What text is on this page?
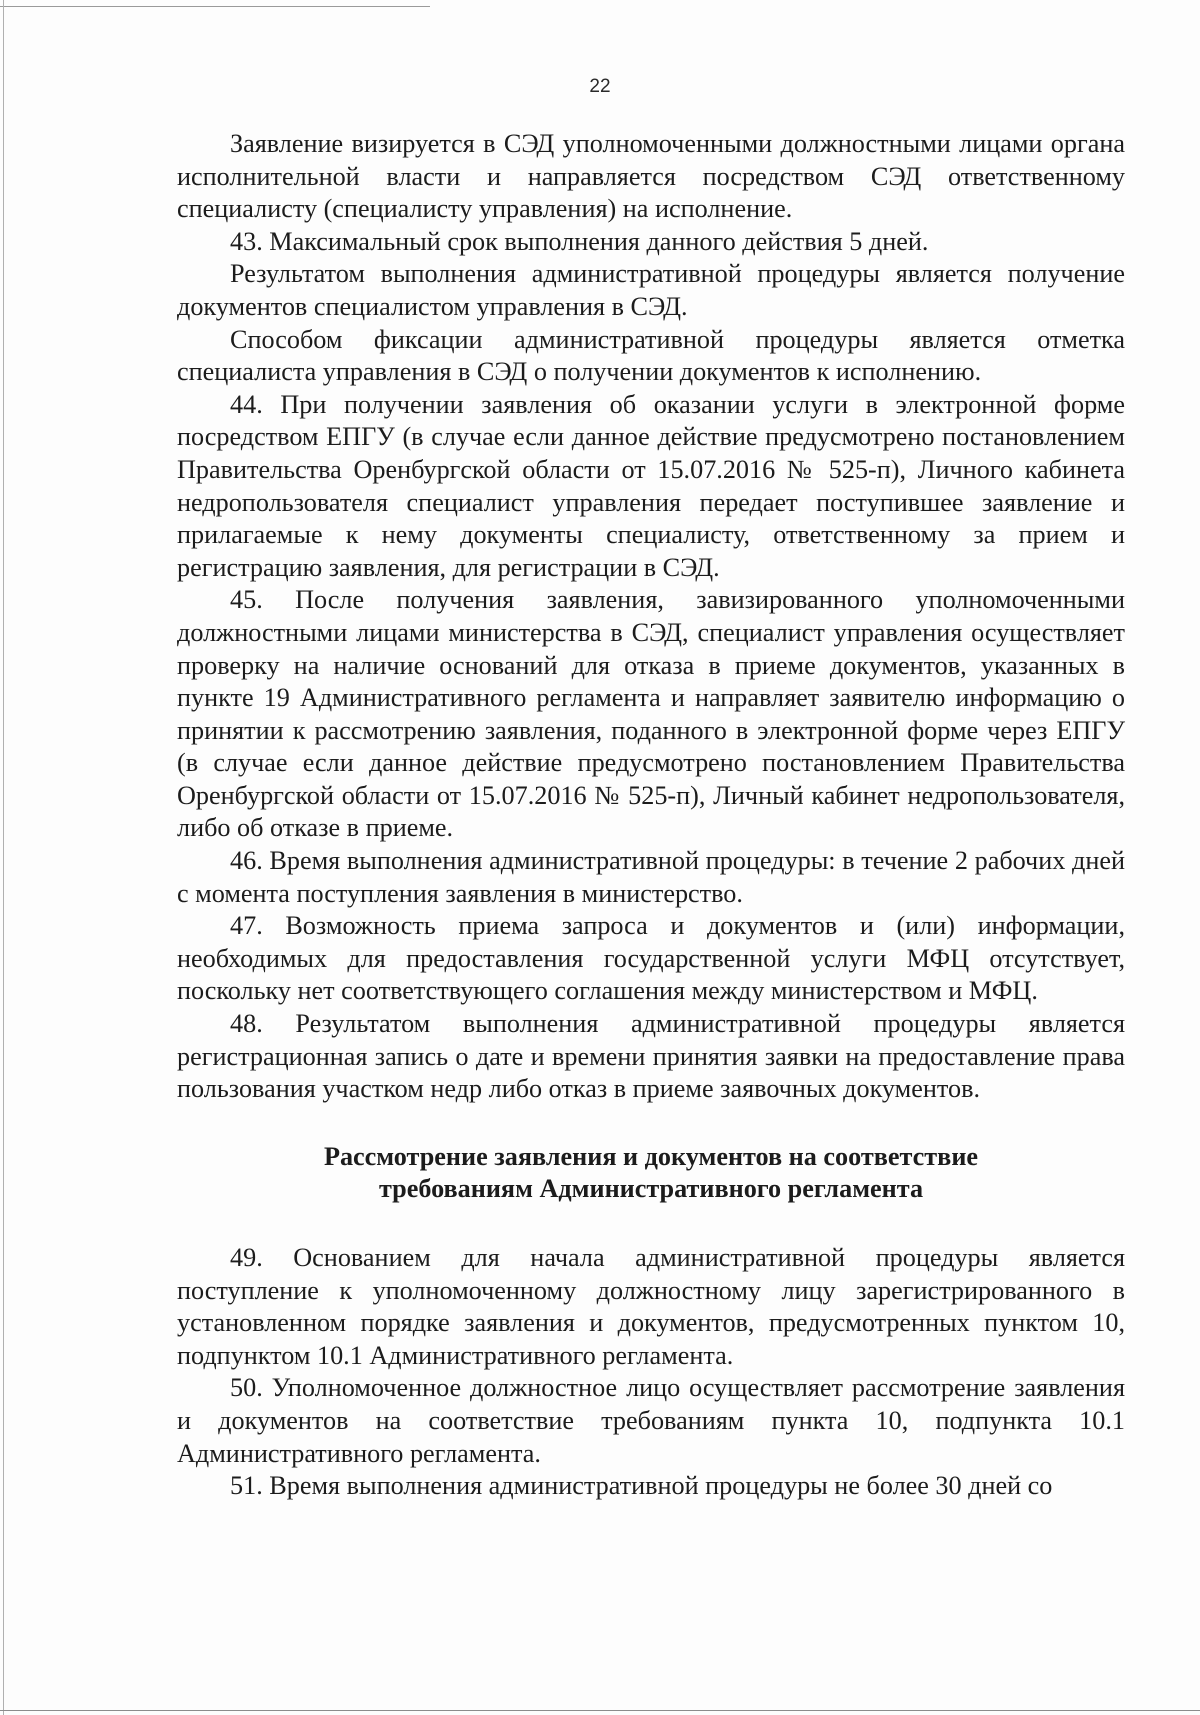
22

Заявление визируется в СЭД уполномоченными должностными лицами органа исполнительной власти и направляется посредством СЭД ответственному специалисту (специалисту управления) на исполнение.

43. Максимальный срок выполнения данного действия 5 дней.

Результатом выполнения административной процедуры является получение документов специалистом управления в СЭД.

Способом фиксации административной процедуры является отметка специалиста управления в СЭД о получении документов к исполнению.

44. При получении заявления об оказании услуги в электронной форме посредством ЕПГУ (в случае если данное действие предусмотрено постановлением Правительства Оренбургской области от 15.07.2016 № 525-п), Личного кабинета недропользователя специалист управления передает поступившее заявление и прилагаемые к нему документы специалисту, ответственному за прием и регистрацию заявления, для регистрации в СЭД.

45. После получения заявления, завизированного уполномоченными должностными лицами министерства в СЭД, специалист управления осуществляет проверку на наличие оснований для отказа в приеме документов, указанных в пункте 19 Административного регламента и направляет заявителю информацию о принятии к рассмотрению заявления, поданного в электронной форме через ЕПГУ (в случае если данное действие предусмотрено постановлением Правительства Оренбургской области от 15.07.2016 № 525-п), Личный кабинет недропользователя, либо об отказе в приеме.

46. Время выполнения административной процедуры: в течение 2 рабочих дней с момента поступления заявления в министерство.

47. Возможность приема запроса и документов и (или) информации, необходимых для предоставления государственной услуги МФЦ отсутствует, поскольку нет соответствующего соглашения между министерством и МФЦ.

48. Результатом выполнения административной процедуры является регистрационная запись о дате и времени принятия заявки на предоставление права пользования участком недр либо отказ в приеме заявочных документов.

Рассмотрение заявления и документов на соответствие
требованиям Административного регламента

49. Основанием для начала административной процедуры является поступление к уполномоченному должностному лицу зарегистрированного в установленном порядке заявления и документов, предусмотренных пунктом 10, подпунктом 10.1 Административного регламента.

50. Уполномоченное должностное лицо осуществляет рассмотрение заявления и документов на соответствие требованиям пункта 10, подпункта 10.1 Административного регламента.

51. Время выполнения административной процедуры не более 30 дней со
